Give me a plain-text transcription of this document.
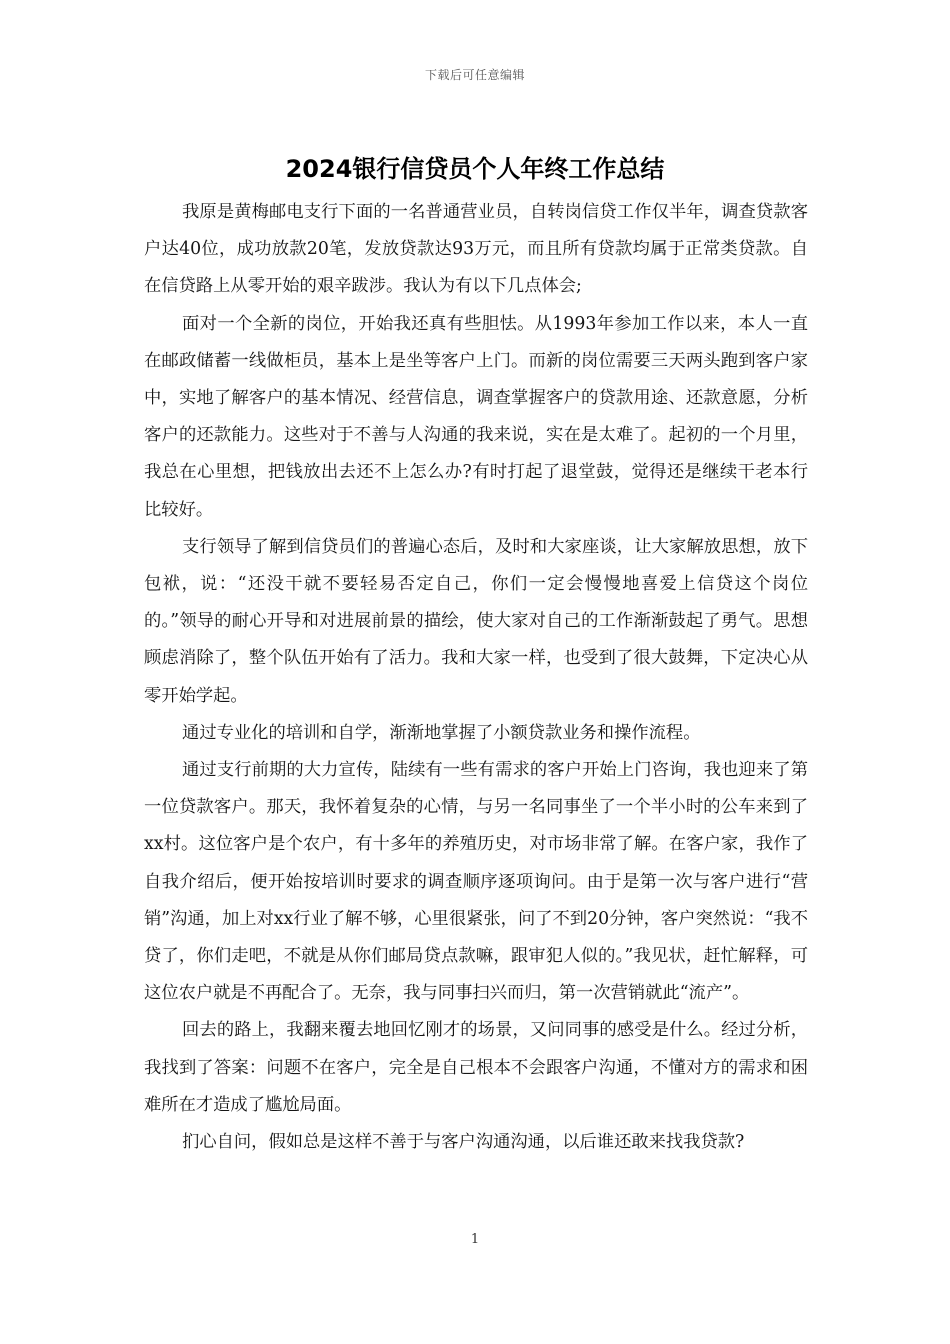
下载后可任意编辑
2024银行信贷员个人年终工作总结

我原是黄梅邮电支行下面的一名普通营业员，自转岗信贷工作仅半年，调查贷款客户达40位，成功放款20笔，发放贷款达93万元，而且所有贷款均属于正常类贷款。自在信贷路上从零开始的艰辛跋涉。我认为有以下几点体会;

面对一个全新的岗位，开始我还真有些胆怯。从1993年参加工作以来，本人一直在邮政储蓄一线做柜员，基本上是坐等客户上门。而新的岗位需要三天两头跑到客户家中，实地了解客户的基本情况、经营信息，调查掌握客户的贷款用途、还款意愿，分析客户的还款能力。这些对于不善与人沟通的我来说，实在是太难了。起初的一个月里，我总在心里想，把钱放出去还不上怎么办?有时打起了退堂鼓，觉得还是继续干老本行比较好。

支行领导了解到信贷员们的普遍心态后，及时和大家座谈，让大家解放思想，放下包袱，说：“还没干就不要轻易否定自己，你们一定会慢慢地喜爱上信贷这个岗位的。”领导的耐心开导和对进展前景的描绘，使大家对自己的工作渐渐鼓起了勇气。思想顾虑消除了，整个队伍开始有了活力。我和大家一样，也受到了很大鼓舞，下定决心从零开始学起。

通过专业化的培训和自学，渐渐地掌握了小额贷款业务和操作流程。

通过支行前期的大力宣传，陆续有一些有需求的客户开始上门咨询，我也迎来了第一位贷款客户。那天，我怀着复杂的心情，与另一名同事坐了一个半小时的公车来到了xx村。这位客户是个农户，有十多年的养殖历史，对市场非常了解。在客户家，我作了自我介绍后，便开始按培训时要求的调查顺序逐项询问。由于是第一次与客户进行“营销”沟通，加上对xx行业了解不够，心里很紧张，问了不到20分钟，客户突然说：“我不贷了，你们走吧，不就是从你们邮局贷点款嘛，跟审犯人似的。”我见状，赶忙解释，可这位农户就是不再配合了。无奈，我与同事扫兴而归，第一次营销就此“流产”。

回去的路上，我翻来覆去地回忆刚才的场景，又问同事的感受是什么。经过分析，我找到了答案：问题不在客户，完全是自己根本不会跟客户沟通，不懂对方的需求和困难所在才造成了尴尬局面。

扪心自问，假如总是这样不善于与客户沟通沟通，以后谁还敢来找我贷款?

1
